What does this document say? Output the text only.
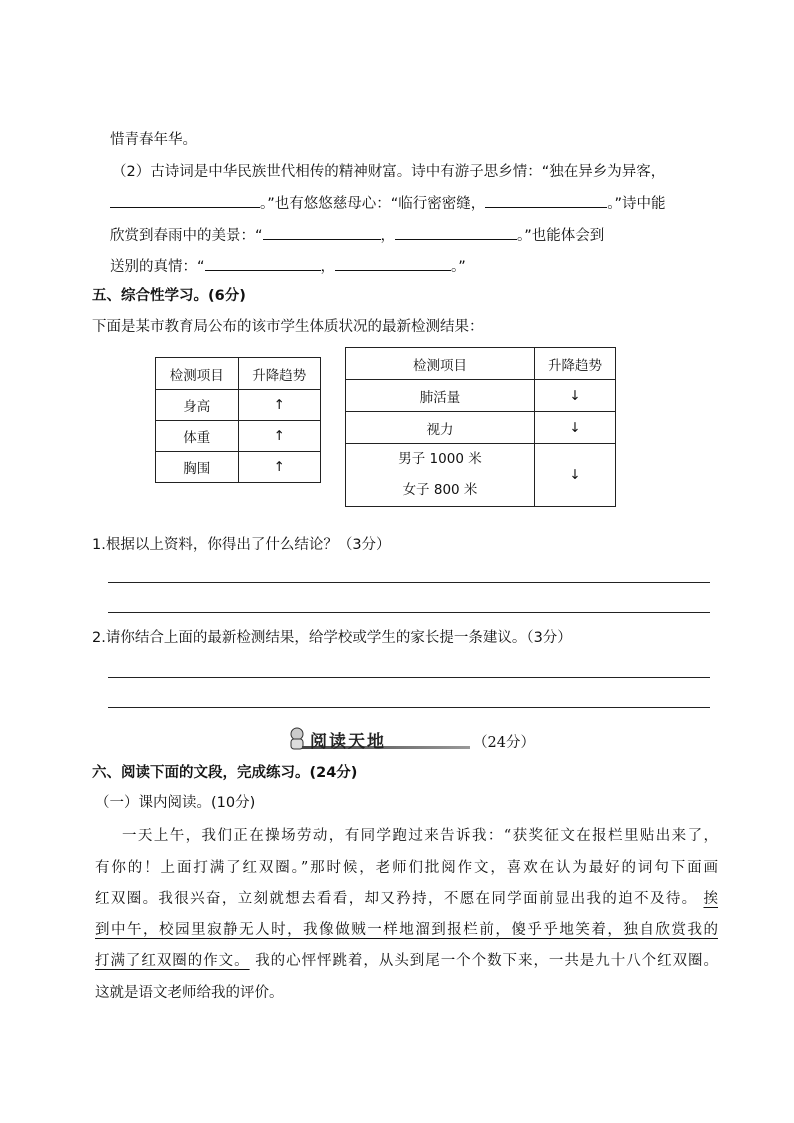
惜青春年华。
（2）古诗词是中华民族世代相传的精神财富。诗中有游子思乡情：“独在异乡为异客，
。”也有悠悠慈母心：“临行密密缝，	。”诗中能
欣赏到春雨中的美景：“	，	。”也能体会到
送别的真情：“	，	。”
五、综合性学习。(6分)
下面是某市教育局公布的该市学生体质状况的最新检测结果：
检测项目	升降趋势
身高	↑
体重	↑
胸围	↑
检测项目	升降趋势
肺活量	↓
视力	↓

男子 1000 米
女子 800 米	↓
1.根据以上资料，你得出了什么结论？（3分）
2.请你结合上面的最新检测结果，给学校或学生的家长提一条建议。（3分）
阅读天地	（24分）
六、阅读下面的文段，完成练习。(24分)
（一）课内阅读。(10分)
一天上午，我们正在操场劳动，有同学跑过来告诉我：“获奖征文在报栏里贴出来了，
有你的！上面打满了红双圈。”那时候，老师们批阅作文，喜欢在认为最好的词句下面画
红双圈。我很兴奋，立刻就想去看看，却又矜持，不愿在同学面前显出我的迫不及待。 挨
到中午，校园里寂静无人时，我像做贼一样地溜到报栏前，傻乎乎地笑着，独自欣赏我的
打满了红双圈的作文。 我的心怦怦跳着，从头到尾一个个数下来，一共是九十八个红双圈。
这就是语文老师给我的评价。
